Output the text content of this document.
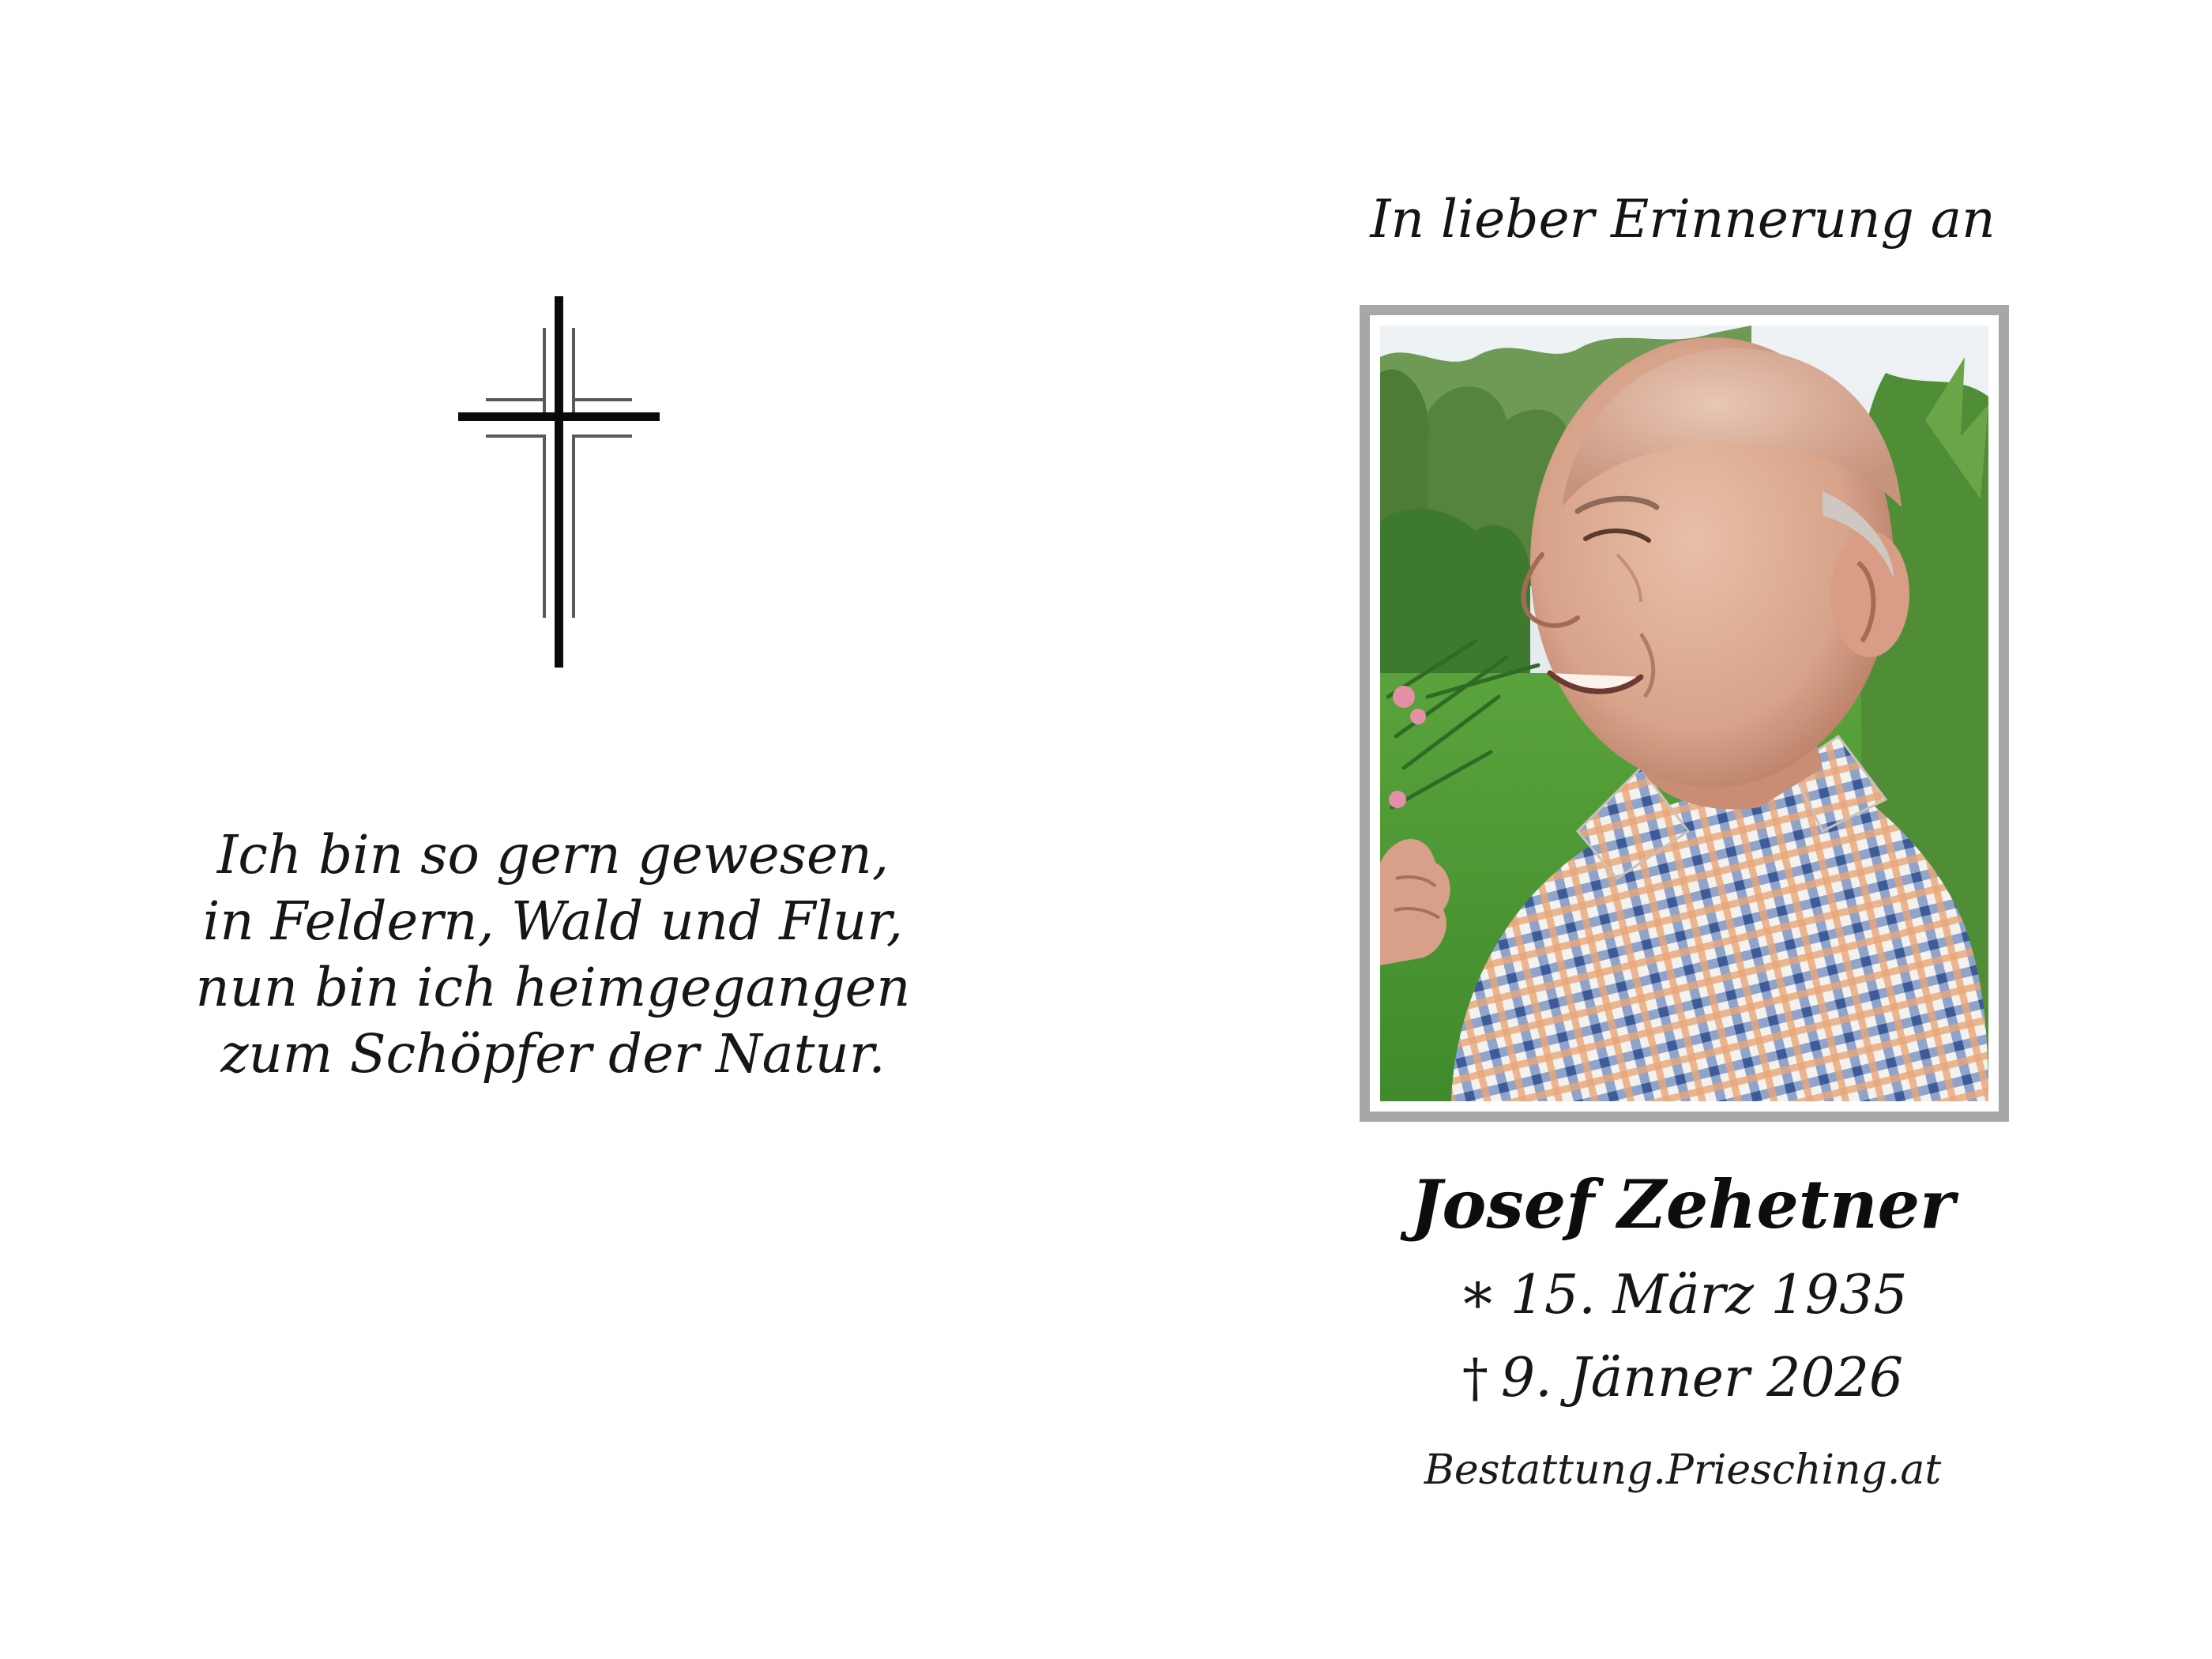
Ich bin so gern gewesen,
in Feldern, Wald und Flur,
nun bin ich heimgegangen
zum Schöpfer der Natur.
In lieber Erinnerung an
Josef Zehetner
∗ 15. März 1935
† 9. Jänner 2026
Bestattung.Priesching.at
